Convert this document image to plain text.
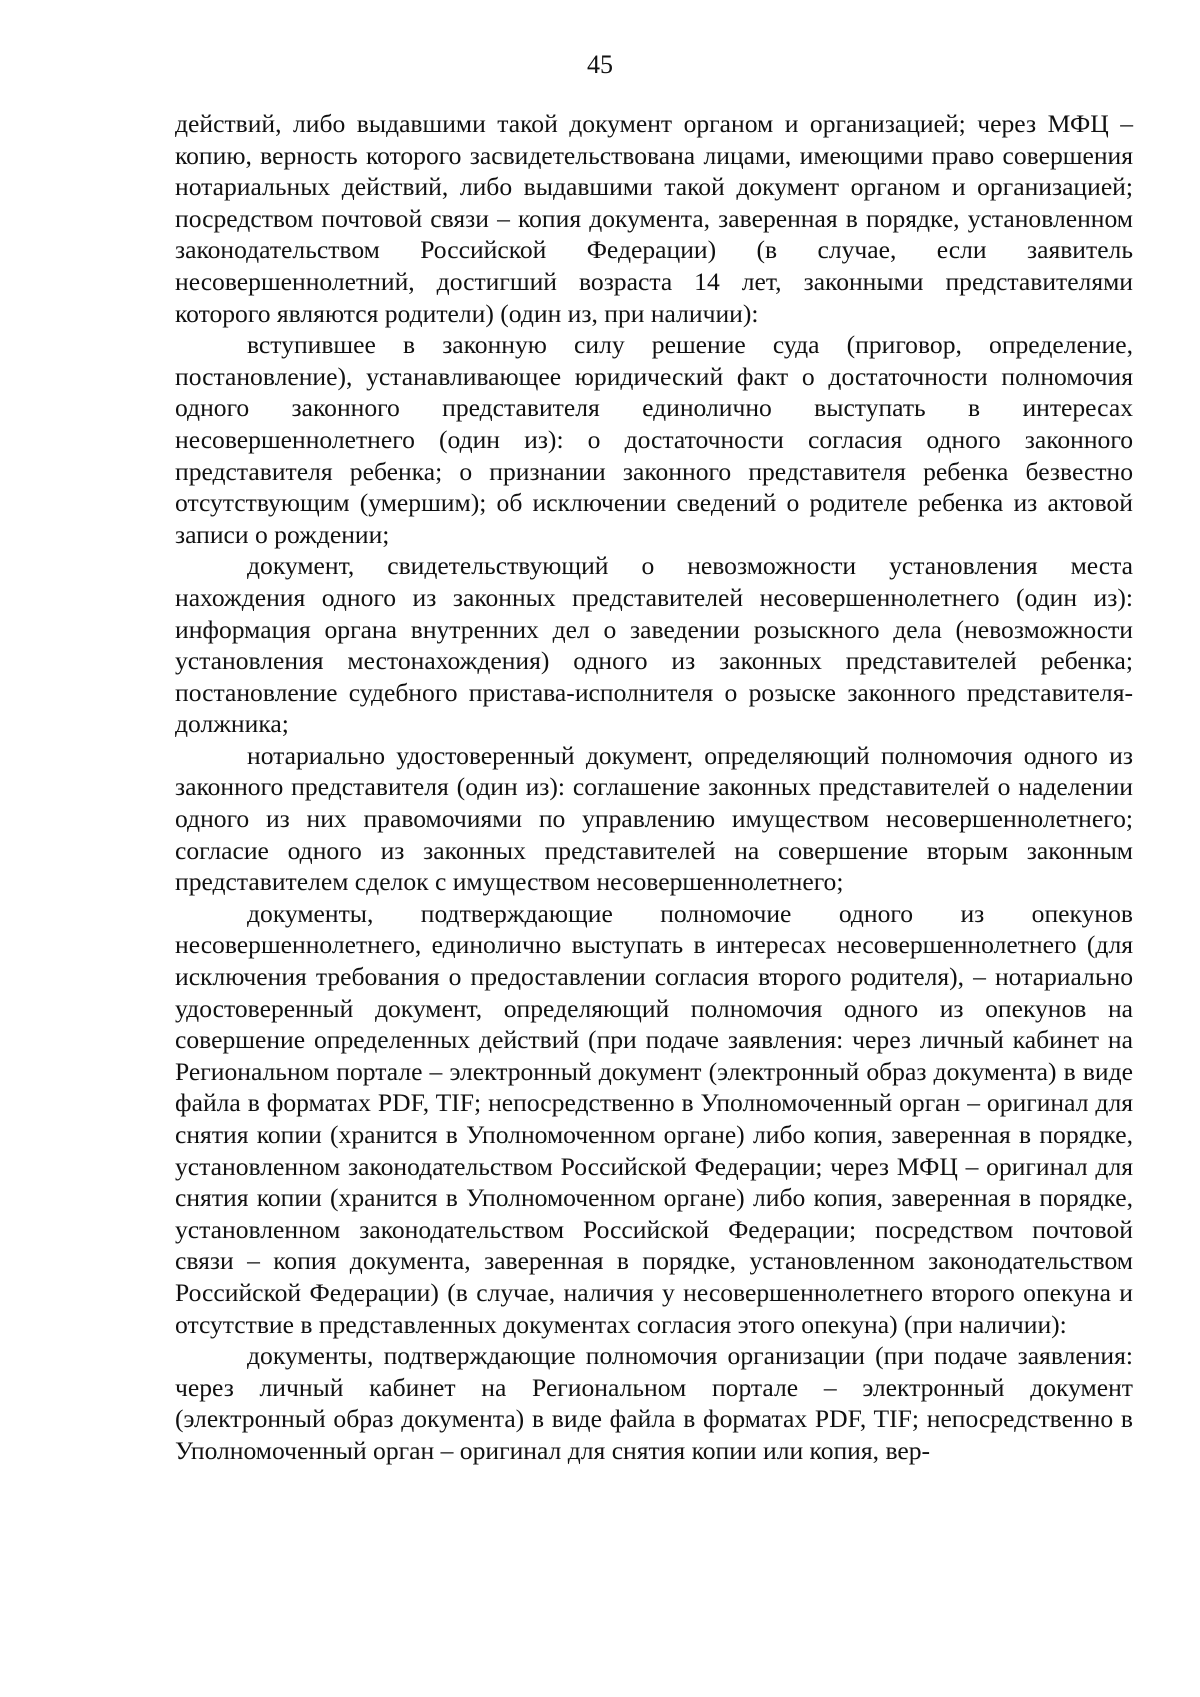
45

действий, либо выдавшими такой документ органом и организацией; через МФЦ – копию, верность которого засвидетельствована лицами, имеющими право совершения нотариальных действий, либо выдавшими такой документ органом и организацией; посредством почтовой связи – копия документа, заверенная в порядке, установленном законодательством Российской Федерации) (в случае, если заявитель несовершеннолетний, достигший возраста 14 лет, законными представителями которого являются родители) (один из, при наличии):

вступившее в законную силу решение суда (приговор, определение, постановление), устанавливающее юридический факт о достаточности полномочия одного законного представителя единолично выступать в интересах несовершеннолетнего (один из): о достаточности согласия одного законного представителя ребенка; о признании законного представителя ребенка безвестно отсутствующим (умершим); об исключении сведений о родителе ребенка из актовой записи о рождении;

документ, свидетельствующий о невозможности установления места нахождения одного из законных представителей несовершеннолетнего (один из): информация органа внутренних дел о заведении розыскного дела (невозможности установления местонахождения) одного из законных представителей ребенка; постановление судебного пристава-исполнителя о розыске законного представителя-должника;

нотариально удостоверенный документ, определяющий полномочия одного из законного представителя (один из): соглашение законных представителей о наделении одного из них правомочиями по управлению имуществом несовершеннолетнего; согласие одного из законных представителей на совершение вторым законным представителем сделок с имуществом несовершеннолетнего;

документы, подтверждающие полномочие одного из опекунов несовершеннолетнего, единолично выступать в интересах несовершеннолетнего (для исключения требования о предоставлении согласия второго родителя), – нотариально удостоверенный документ, определяющий полномочия одного из опекунов на совершение определенных действий (при подаче заявления: через личный кабинет на Региональном портале – электронный документ (электронный образ документа) в виде файла в форматах PDF, TIF; непосредственно в Уполномоченный орган – оригинал для снятия копии (хранится в Уполномоченном органе) либо копия, заверенная в порядке, установленном законодательством Российской Федерации; через МФЦ – оригинал для снятия копии (хранится в Уполномоченном органе) либо копия, заверенная в порядке, установленном законодательством Российской Федерации; посредством почтовой связи – копия документа, заверенная в порядке, установленном законодательством Российской Федерации) (в случае, наличия у несовершеннолетнего второго опекуна и отсутствие в представленных документах согласия этого опекуна) (при наличии):

документы, подтверждающие полномочия организации (при подаче заявления: через личный кабинет на Региональном портале – электронный документ (электронный образ документа) в виде файла в форматах PDF, TIF; непосредственно в Уполномоченный орган – оригинал для снятия копии или копия, вер-
